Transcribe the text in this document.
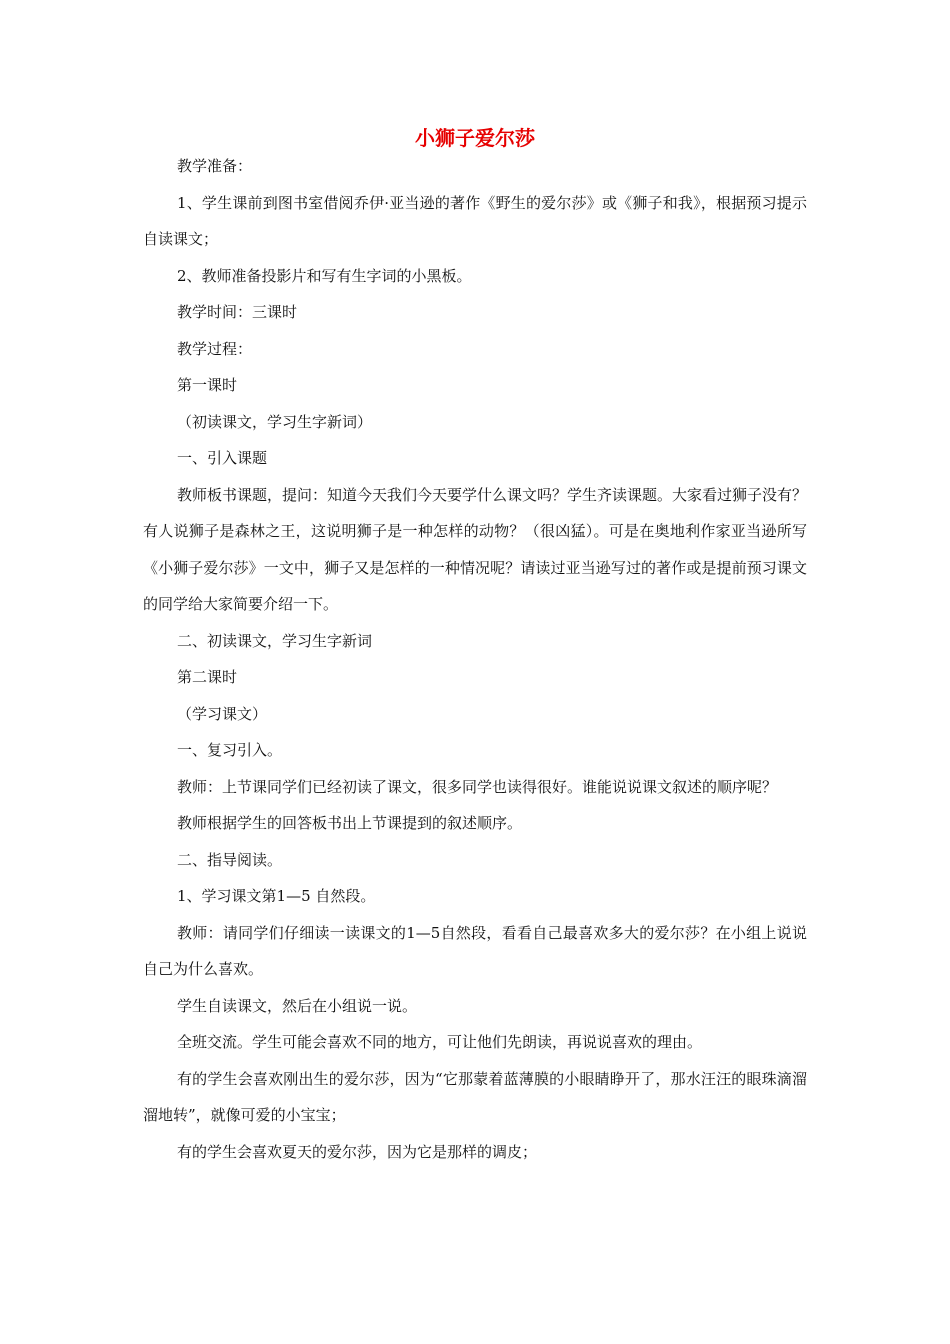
小狮子爱尔莎

教学准备：

1、学生课前到图书室借阅乔伊·亚当逊的著作《野生的爱尔莎》或《狮子和我》，根据预习提示自读课文；

2、教师准备投影片和写有生字词的小黑板。

教学时间：三课时

教学过程：

第一课时

（初读课文，学习生字新词）

一、引入课题

教师板书课题，提问：知道今天我们今天要学什么课文吗？学生齐读课题。大家看过狮子没有？有人说狮子是森林之王，这说明狮子是一种怎样的动物？（很凶猛）。可是在奥地利作家亚当逊所写《小狮子爱尔莎》一文中，狮子又是怎样的一种情况呢？请读过亚当逊写过的著作或是提前预习课文的同学给大家简要介绍一下。

二、初读课文，学习生字新词

第二课时

（学习课文）

一、复习引入。

教师：上节课同学们已经初读了课文，很多同学也读得很好。谁能说说课文叙述的顺序呢？

教师根据学生的回答板书出上节课提到的叙述顺序。

二、指导阅读。

1、学习课文第1—5 自然段。

教师：请同学们仔细读一读课文的1—5自然段，看看自己最喜欢多大的爱尔莎？在小组上说说自己为什么喜欢。

学生自读课文，然后在小组说一说。

全班交流。学生可能会喜欢不同的地方，可让他们先朗读，再说说喜欢的理由。

有的学生会喜欢刚出生的爱尔莎，因为“它那蒙着蓝薄膜的小眼睛睁开了，那水汪汪的眼珠滴溜溜地转”，就像可爱的小宝宝；

有的学生会喜欢夏天的爱尔莎，因为它是那样的调皮；
